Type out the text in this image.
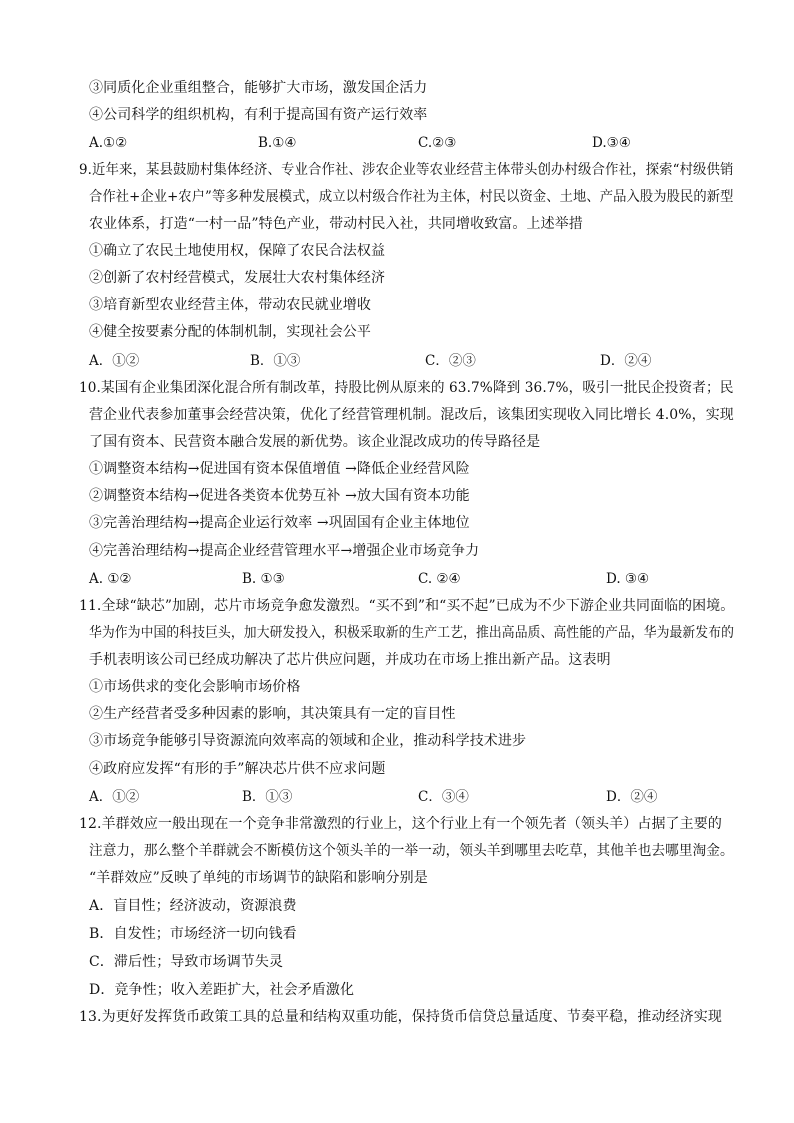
③同质化企业重组整合，能够扩大市场，激发国企活力
④公司科学的组织机构，有利于提高国有资产运行效率
A.①②	B.①④	C.②③	D.③④
9.近年来，某县鼓励村集体经济、专业合作社、涉农企业等农业经营主体带头创办村级合作社，探索“村级供销
合作社+企业+农户”等多种发展模式，成立以村级合作社为主体，村民以资金、土地、产品入股为股民的新型
农业体系，打造“一村一品”特色产业，带动村民入社，共同增收致富。上述举措
①确立了农民土地使用权，保障了农民合法权益
②创新了农村经营模式，发展壮大农村集体经济
③培育新型农业经营主体，带动农民就业增收
④健全按要素分配的体制机制，实现社会公平
A．①②	B．①③	C．②③	D．②④
10.某国有企业集团深化混合所有制改革，持股比例从原来的 63.7%降到 36.7%，吸引一批民企投资者；民
营企业代表参加董事会经营决策，优化了经营管理机制。混改后，该集团实现收入同比增长 4.0%，实现
了国有资本、民营资本融合发展的新优势。该企业混改成功的传导路径是
①调整资本结构→促进国有资本保值增值 →降低企业经营风险
②调整资本结构→促进各类资本优势互补 →放大国有资本功能
③完善治理结构→提高企业运行效率 →巩固国有企业主体地位
④完善治理结构→提高企业经营管理水平→增强企业市场竞争力
A. ①②	B. ①③	C. ②④	D. ③④
11.全球“缺芯”加剧，芯片市场竞争愈发激烈。“买不到”和“买不起”已成为不少下游企业共同面临的困境。
华为作为中国的科技巨头，加大研发投入，积极采取新的生产工艺，推出高品质、高性能的产品，华为最新发布的
手机表明该公司已经成功解决了芯片供应问题，并成功在市场上推出新产品。这表明
①市场供求的变化会影响市场价格
②生产经营者受多种因素的影响，其决策具有一定的盲目性
③市场竞争能够引导资源流向效率高的领域和企业，推动科学技术进步
④政府应发挥“有形的手”解决芯片供不应求问题
A．①②	B．①③	C．③④	D．②④
12.羊群效应一般出现在一个竞争非常激烈的行业上，这个行业上有一个领先者（领头羊）占据了主要的
注意力，那么整个羊群就会不断模仿这个领头羊的一举一动，领头羊到哪里去吃草，其他羊也去哪里淘金。
“羊群效应”反映了单纯的市场调节的缺陷和影响分别是
A．盲目性；经济波动，资源浪费
B．自发性；市场经济一切向钱看
C．滞后性；导致市场调节失灵
D．竞争性；收入差距扩大，社会矛盾激化
13.为更好发挥货币政策工具的总量和结构双重功能，保持货币信贷总量适度、节奏平稳，推动经济实现
